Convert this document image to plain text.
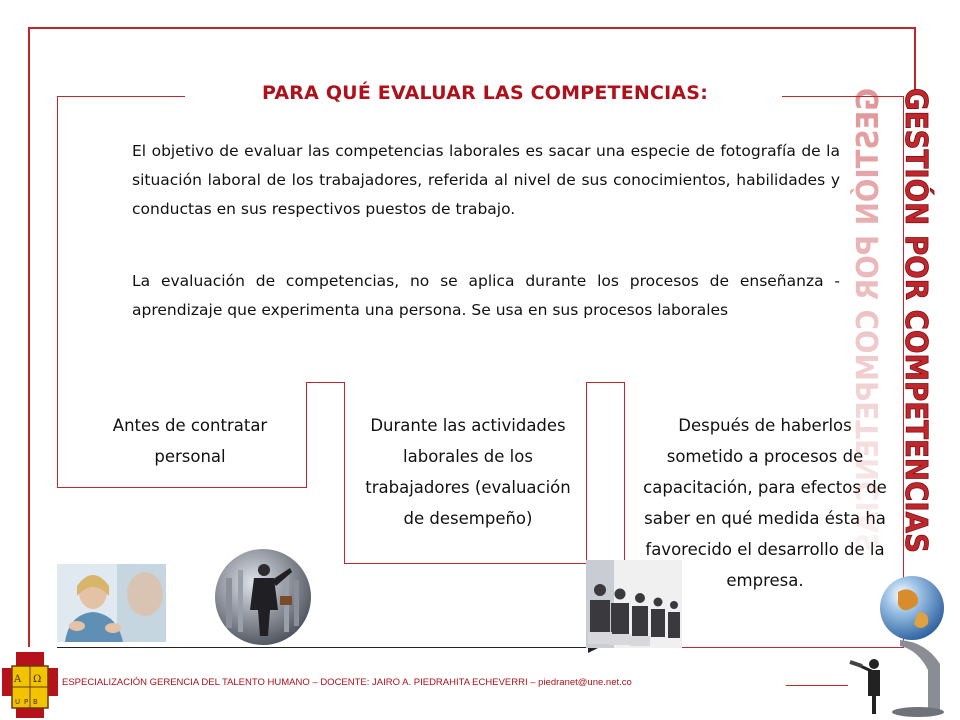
PARA QUÉ EVALUAR LAS COMPETENCIAS:
El objetivo de evaluar las competencias laborales es sacar una especie de fotografía de la situación laboral de los trabajadores, referida al nivel de sus conocimientos, habilidades y conductas en sus respectivos puestos de trabajo.
La evaluación de competencias, no se aplica durante los procesos de enseñanza - aprendizaje que experimenta una persona. Se usa en sus procesos laborales
Antes de contratar personal
Durante las actividades laborales de los trabajadores (evaluación de desempeño)
Después de haberlos sometido a procesos de capacitación, para efectos de saber en qué medida ésta ha favorecido el desarrollo de la empresa.	GESTIÓN POR COMPETENCIAS GESTIÓN POR COMPETENCIAS
A Ω
U P B
ESPECIALIZACIÓN GERENCIA DEL TALENTO HUMANO – DOCENTE: JAIRO A. PIEDRAHITA ECHEVERRI – piedranet@une.net.co
